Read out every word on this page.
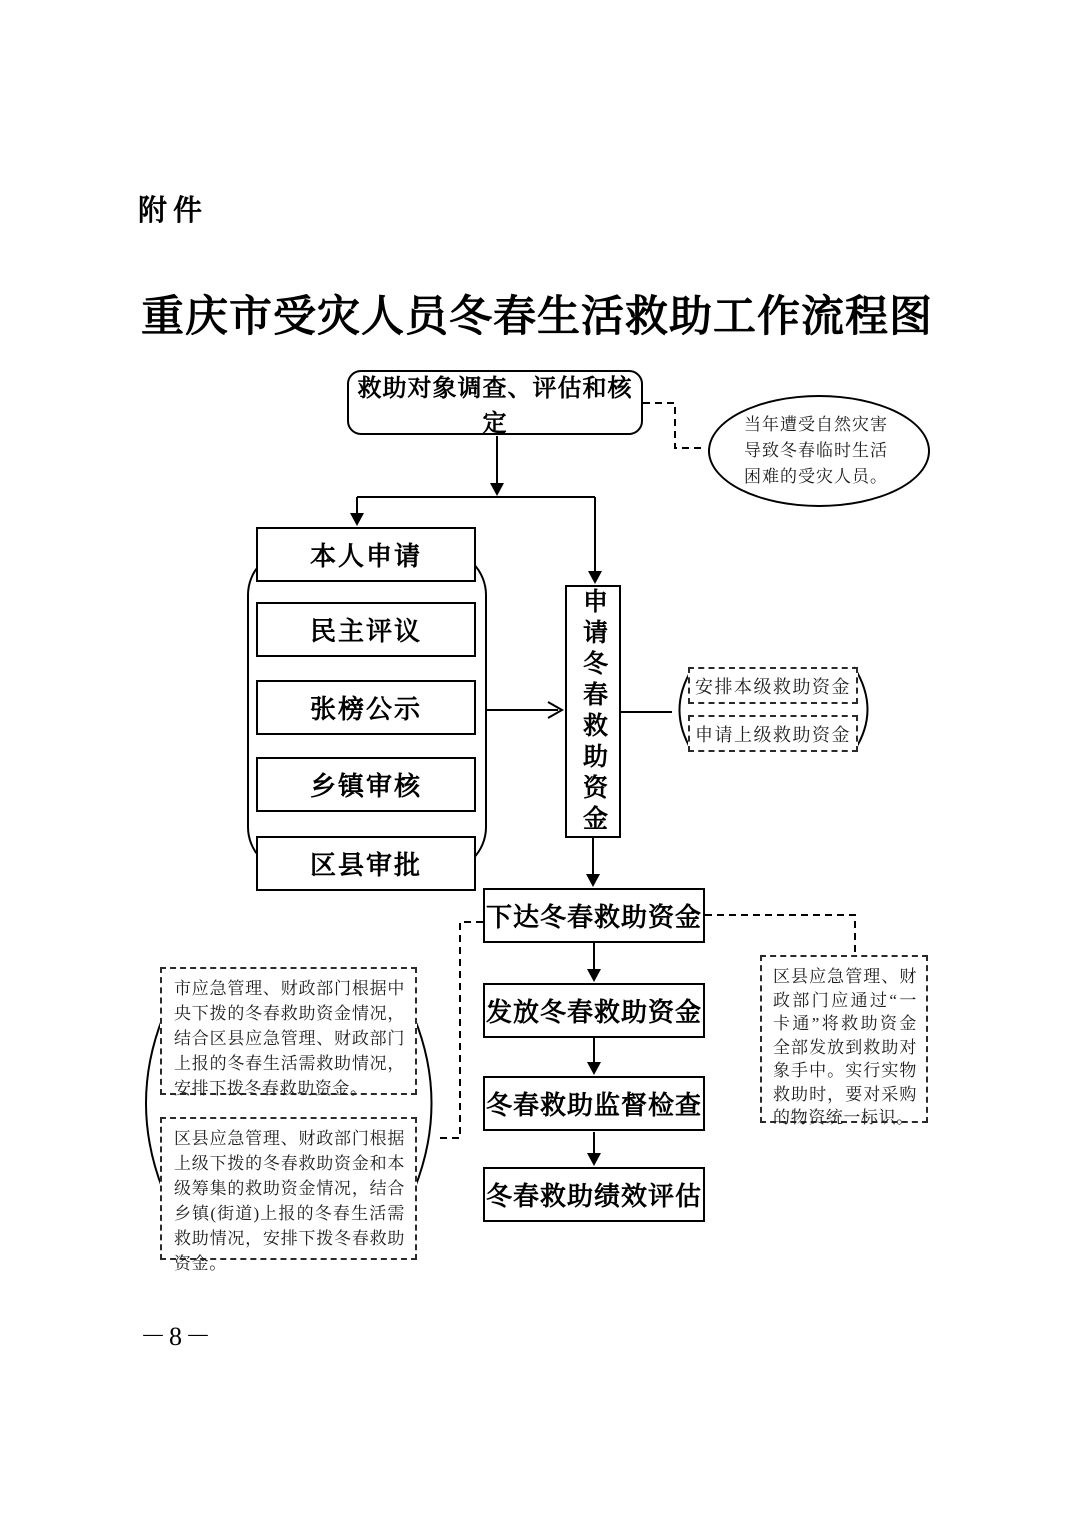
附件
重庆市受灾人员冬春生活救助工作流程图
救助对象调查、评估和核定	当年遭受自然灾害导致冬春临时生活困难的受灾人员。
本人申请
民主评议
张榜公示
乡镇审核
区县审批
申请冬春救助资金	安排本级救助资金
申请上级救助资金
下达冬春救助资金
发放冬春救助资金
冬春救助监督检查
冬春救助绩效评估
市应急管理、财政部门根据中央下拨的冬春救助资金情况，结合区县应急管理、财政部门上报的冬春生活需救助情况，安排下拨冬春救助资金。
区县应急管理、财政部门根据上级下拨的冬春救助资金和本级筹集的救助资金情况，结合乡镇(街道)上报的冬春生活需救助情况，安排下拨冬春救助资金。
区县应急管理、财政部门应通过“一卡通”将救助资金全部发放到救助对象手中。实行实物救助时，要对采购的物资统一标识。
－8－
